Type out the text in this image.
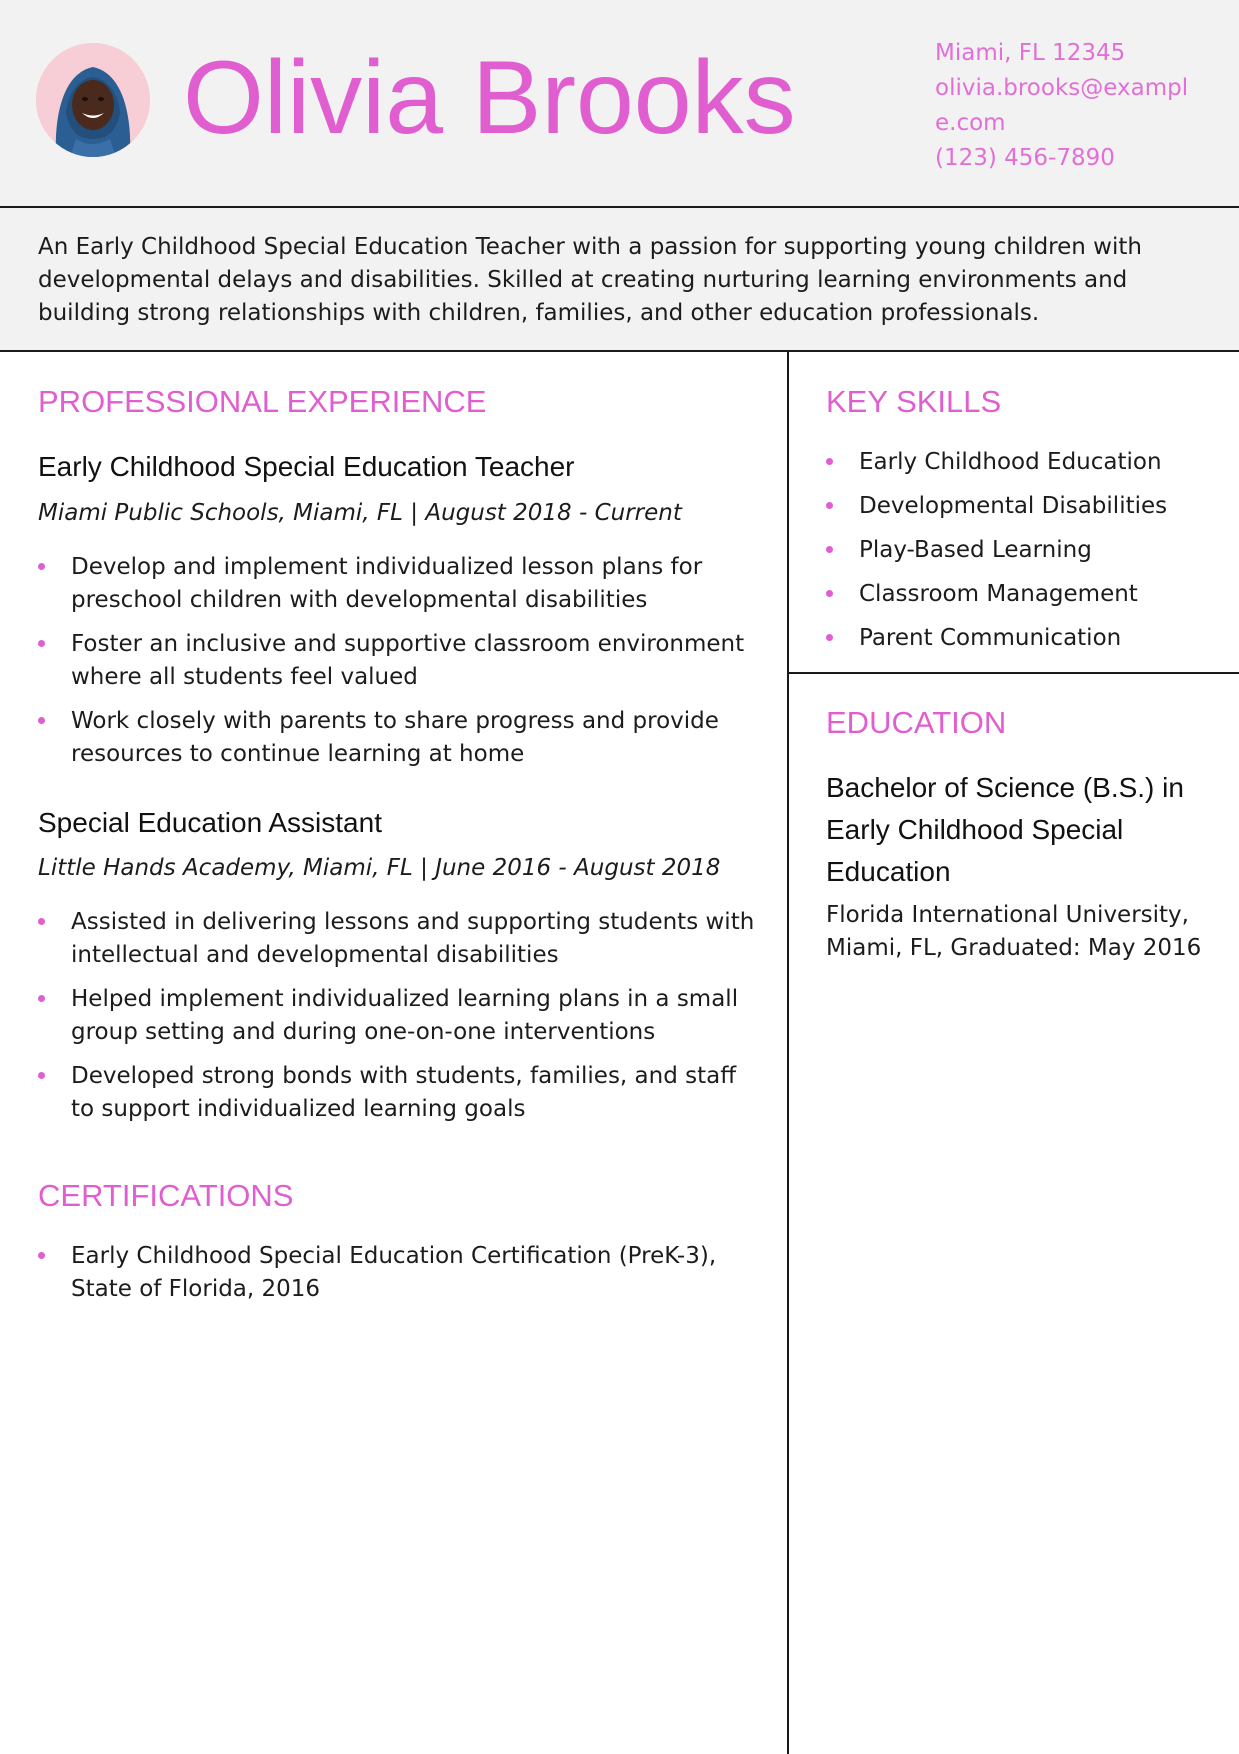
Olivia Brooks	Miami, FL 12345
olivia.brooks@example.com
(123) 456-7890

An Early Childhood Special Education Teacher with a passion for supporting young children with developmental delays and disabilities. Skilled at creating nurturing learning environments and building strong relationships with children, families, and other education professionals.

PROFESSIONAL EXPERIENCE
Early Childhood Special Education Teacher

Miami Public Schools, Miami, FL | August 2018 - Current

Develop and implement individualized lesson plans for preschool children with developmental disabilities
Foster an inclusive and supportive classroom environment where all students feel valued
Work closely with parents to share progress and provide resources to continue learning at home
Special Education Assistant

Little Hands Academy, Miami, FL | June 2016 - August 2018

Assisted in delivering lessons and supporting students with intellectual and developmental disabilities
Helped implement individualized learning plans in a small group setting and during one-on-one interventions
Developed strong bonds with students, families, and staff to support individualized learning goals
CERTIFICATIONS
Early Childhood Special Education Certification (PreK-3), State of Florida, 2016
KEY SKILLS
Early Childhood Education
Developmental Disabilities
Play-Based Learning
Classroom Management
Parent Communication
EDUCATION

Bachelor of Science (B.S.) in Early Childhood Special Education

Florida International University, Miami, FL, Graduated: May 2016
